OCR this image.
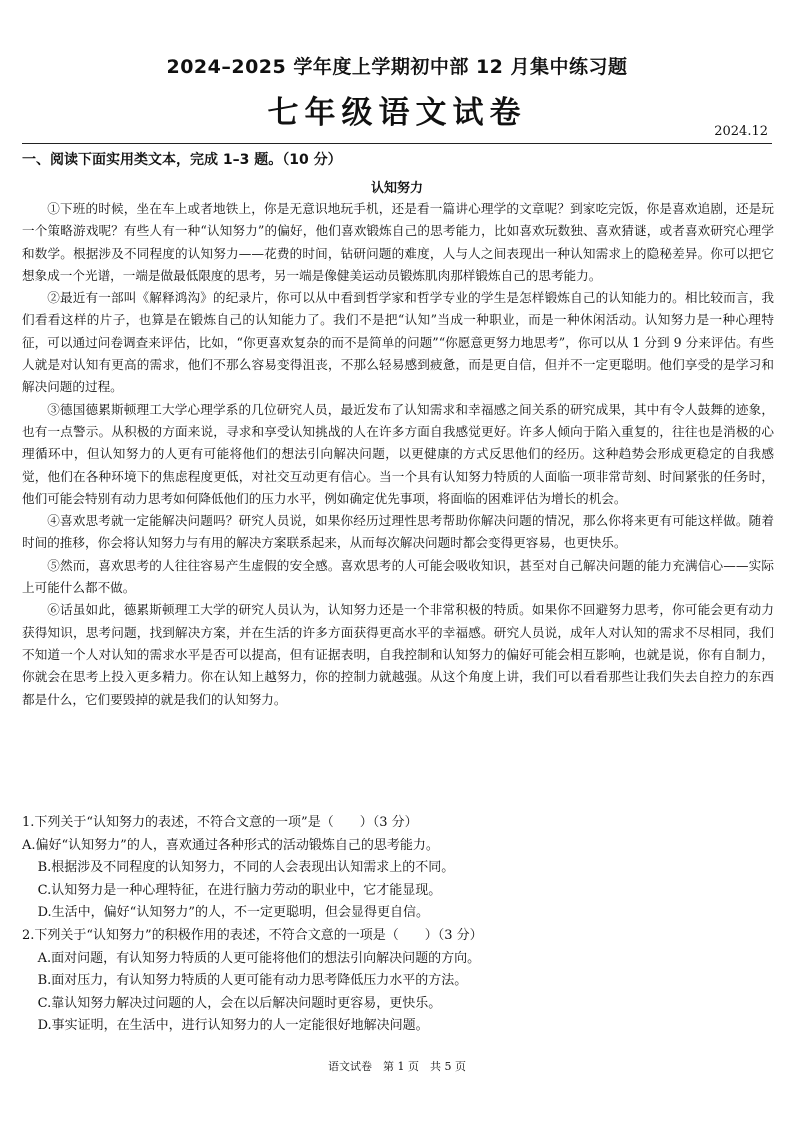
2024–2025 学年度上学期初中部 12 月集中练习题
七年级语文试卷
2024.12
一、阅读下面实用类文本，完成 1–3 题。（10 分）
认知努力

①下班的时候，坐在车上或者地铁上，你是无意识地玩手机，还是看一篇讲心理学的文章呢？到家吃完饭，你是喜欢追剧，还是玩一个策略游戏呢？有些人有一种“认知努力”的偏好，他们喜欢锻炼自己的思考能力，比如喜欢玩数独、喜欢猜谜，或者喜欢研究心理学和数学。根据涉及不同程度的认知努力——花费的时间，钻研问题的难度，人与人之间表现出一种认知需求上的隐秘差异。你可以把它想象成一个光谱，一端是做最低限度的思考，另一端是像健美运动员锻炼肌肉那样锻炼自己的思考能力。

②最近有一部叫《解释鸿沟》的纪录片，你可以从中看到哲学家和哲学专业的学生是怎样锻炼自己的认知能力的。相比较而言，我们看看这样的片子，也算是在锻炼自己的认知能力了。我们不是把“认知”当成一种职业，而是一种休闲活动。认知努力是一种心理特征，可以通过问卷调查来评估，比如，“你更喜欢复杂的而不是简单的问题”“你愿意更努力地思考”，你可以从 1 分到 9 分来评估。有些人就是对认知有更高的需求，他们不那么容易变得沮丧，不那么轻易感到疲惫，而是更自信，但并不一定更聪明。他们享受的是学习和解决问题的过程。

③德国德累斯顿理工大学心理学系的几位研究人员，最近发布了认知需求和幸福感之间关系的研究成果，其中有令人鼓舞的迹象，也有一点警示。从积极的方面来说，寻求和享受认知挑战的人在许多方面自我感觉更好。许多人倾向于陷入重复的，往往也是消极的心理循环中，但认知努力的人更有可能将他们的想法引向解决问题，以更健康的方式反思他们的经历。这种趋势会形成更稳定的自我感觉，他们在各种环境下的焦虑程度更低，对社交互动更有信心。当一个具有认知努力特质的人面临一项非常苛刻、时间紧张的任务时，他们可能会特别有动力思考如何降低他们的压力水平，例如确定优先事项，将面临的困难评估为增长的机会。

④喜欢思考就一定能解决问题吗？研究人员说，如果你经历过理性思考帮助你解决问题的情况，那么你将来更有可能这样做。随着时间的推移，你会将认知努力与有用的解决方案联系起来，从而每次解决问题时都会变得更容易，也更快乐。

⑤然而，喜欢思考的人往往容易产生虚假的安全感。喜欢思考的人可能会吸收知识，甚至对自己解决问题的能力充满信心——实际上可能什么都不做。

⑥话虽如此，德累斯顿理工大学的研究人员认为，认知努力还是一个非常积极的特质。如果你不回避努力思考，你可能会更有动力获得知识，思考问题，找到解决方案，并在生活的许多方面获得更高水平的幸福感。研究人员说，成年人对认知的需求不尽相同，我们不知道一个人对认知的需求水平是否可以提高，但有证据表明，自我控制和认知努力的偏好可能会相互影响，也就是说，你有自制力，你就会在思考上投入更多精力。你在认知上越努力，你的控制力就越强。从这个角度上讲，我们可以看看那些让我们失去自控力的东西都是什么，它们要毁掉的就是我们的认知努力。

1.下列关于“认知努力的表述，不符合文意的一项”是（　　）（3 分）

A.偏好“认知努力”的人，喜欢通过各种形式的活动锻炼自己的思考能力。

B.根据涉及不同程度的认知努力，不同的人会表现出认知需求上的不同。

C.认知努力是一种心理特征，在进行脑力劳动的职业中，它才能显现。

D.生活中，偏好“认知努力”的人，不一定更聪明，但会显得更自信。

2.下列关于“认知努力”的积极作用的表述，不符合文意的一项是（　　）（3 分）

A.面对问题，有认知努力特质的人更可能将他们的想法引向解决问题的方向。

B.面对压力，有认知努力特质的人更可能有动力思考降低压力水平的方法。

C.靠认知努力解决过问题的人，会在以后解决问题时更容易，更快乐。

D.事实证明，在生活中，进行认知努力的人一定能很好地解决问题。

语文试卷　第 1 页　共 5 页
